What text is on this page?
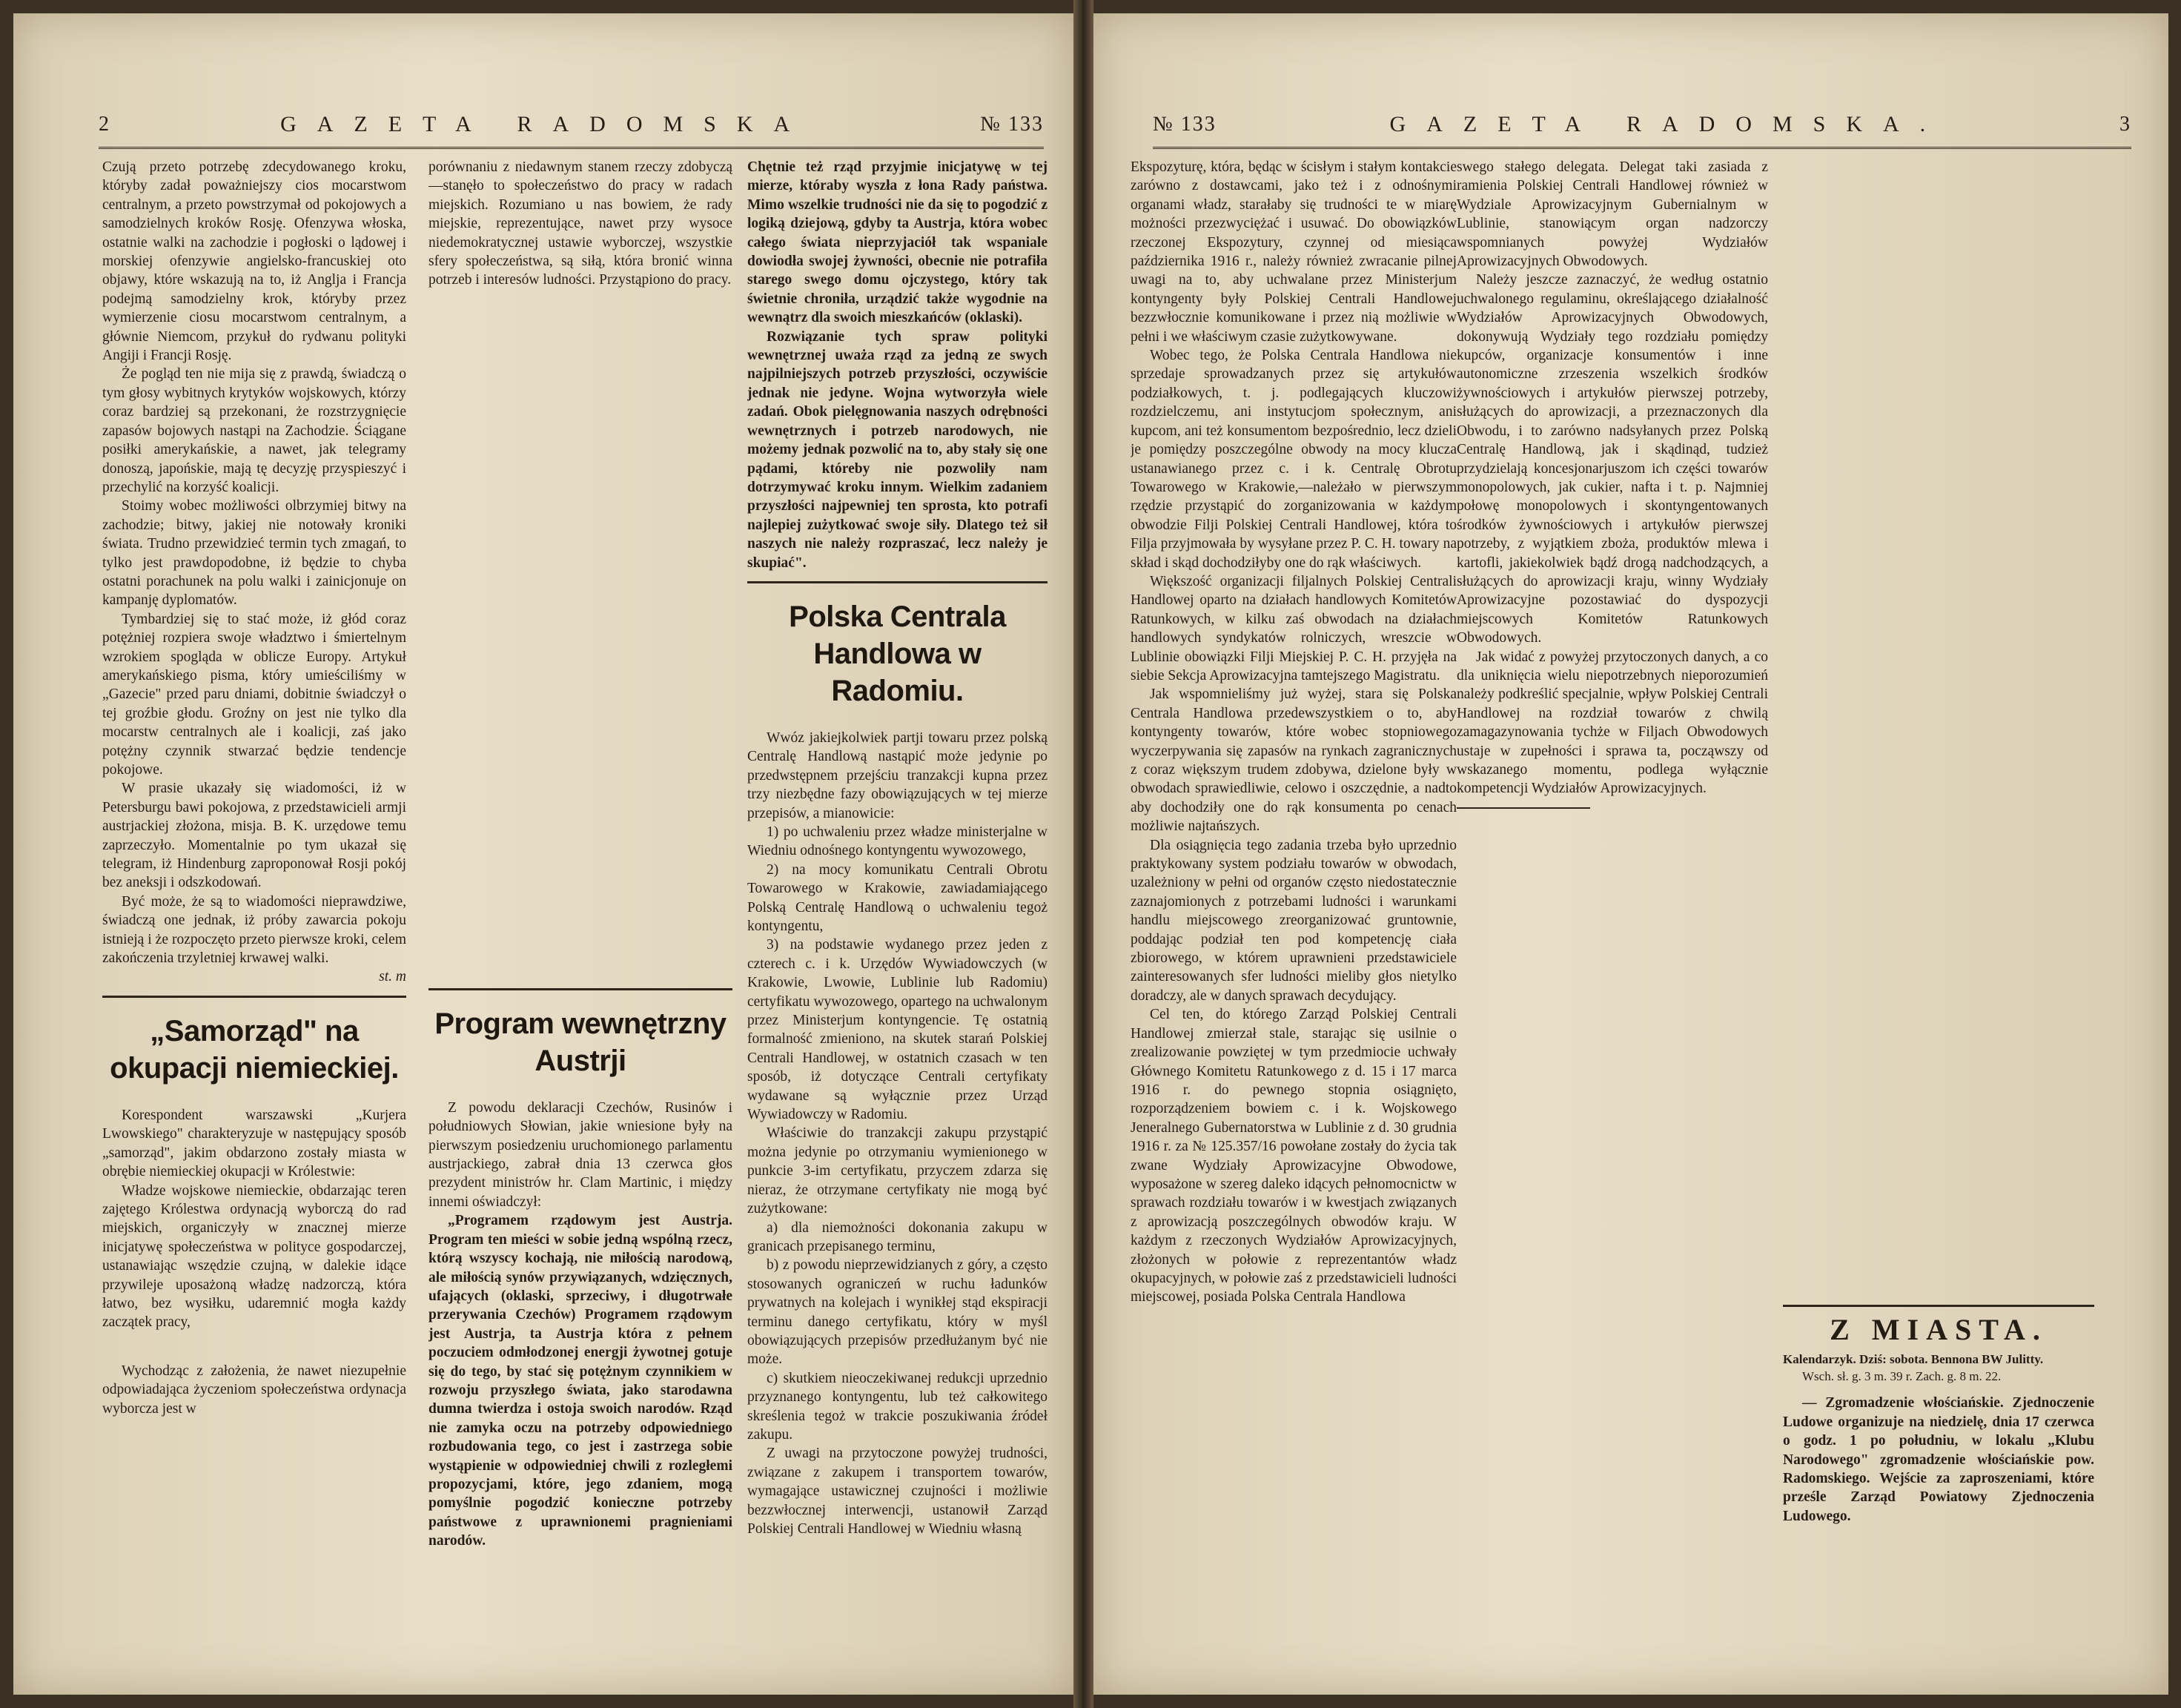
2	GAZETA RADOMSKA	№ 133

Czują przeto potrzebę zdecydowanego kroku, któryby zadał poważniejszy cios mocarstwom centralnym, a przeto powstrzymał od pokojowych a samodzielnych kroków Rosję. Ofenzywa włoska, ostatnie walki na zachodzie i pogłoski o lądowej i morskiej ofenzywie angielsko-francuskiej oto objawy, które wskazują na to, iż Anglja i Francja podejmą samodzielny krok, któryby przez wymierzenie ciosu mocarstwom centralnym, a głównie Niemcom, przykuł do rydwanu polityki Angiji i Francji Rosję.

Że pogląd ten nie mija się z prawdą, świadczą o tym głosy wybitnych krytyków wojskowych, którzy coraz bardziej są przekonani, że rozstrzygnięcie zapasów bojowych nastąpi na Zachodzie. Ściągane posiłki amerykańskie, a nawet, jak telegramy donoszą, japońskie, mają tę decyzję przyspieszyć i przechylić na korzyść koalicji.

Stoimy wobec możliwości olbrzymiej bitwy na zachodzie; bitwy, jakiej nie notowały kroniki świata. Trudno przewidzieć termin tych zmagań, to tylko jest prawdopodobne, iż będzie to chyba ostatni porachunek na polu walki i zainicjonuje on kampanję dyplomatów.

Tymbardziej się to stać może, iż głód coraz potężniej rozpiera swoje władztwo i śmiertelnym wzrokiem spogląda w oblicze Europy. Artykuł amerykańskiego pisma, który umieściliśmy w „Gazecie" przed paru dniami, dobitnie świadczył o tej groźbie głodu. Groźny on jest nie tylko dla mocarstw centralnych ale i koalicji, zaś jako potężny czynnik stwarzać będzie tendencje pokojowe.

W prasie ukazały się wiadomości, iż w Petersburgu bawi pokojowa, z przedstawicieli armji austrjackiej złożona, misja. B. K. urzędowe temu zaprzeczyło. Momentalnie po tym ukazał się telegram, iż Hindenburg zaproponował Rosji pokój bez aneksji i odszkodowań.

Być może, że są to wiadomości nieprawdziwe, świadczą one jednak, iż próby zawarcia pokoju istnieją i że rozpoczęto przeto pierwsze kroki, celem zakończenia trzyletniej krwawej walki.

st. m
„Samorząd" na okupacji niemieckiej.

Korespondent warszawski „Kurjera Lwowskiego" charakteryzuje w następujący sposób „samorząd", jakim obdarzono zostały miasta w obrębie niemieckiej okupacji w Królestwie:

Władze wojskowe niemieckie, obdarzając teren zajętego Królestwa ordynacją wyborczą do rad miejskich, organiczyły w znacznej mierze inicjatywę społeczeństwa w polityce gospodarczej, ustanawiając wszędzie czujną, w dalekie idące przywileje uposażoną władzę nadzorczą, która łatwo, bez wysiłku, udaremnić mogła każdy zaczątek pracy,

Wychodząc z założenia, że nawet niezupełnie odpowiadająca życzeniom społeczeństwa ordynacja wyborcza jest w

porównaniu z niedawnym stanem rzeczy zdobyczą—stanęło to społeczeństwo do pracy w radach miejskich. Rozumiano u nas bowiem, że rady miejskie, reprezentujące, nawet przy wysoce niedemokratycznej ustawie wyborczej, wszystkie sfery społeczeństwa, są siłą, która bronić winna potrzeb i interesów ludności. Przystąpiono do pracy.

Program wewnętrzny Austrji

Z powodu deklaracji Czechów, Rusinów i południowych Słowian, jakie wniesione były na pierwszym posiedzeniu uruchomionego parlamentu austrjackiego, zabrał dnia 13 czerwca głos prezydent ministrów hr. Clam Martinic, i między innemi oświadczył:

„Programem rządowym jest Austrja. Program ten mieści w sobie jedną wspólną rzecz, którą wszyscy kochają, nie miłością narodową, ale miłością synów przywiązanych, wdzięcznych, ufających (oklaski, sprzeciwy, i długotrwałe przerywania Czechów) Programem rządowym jest Austrja, ta Austrja która z pełnem poczuciem odmłodzonej energji żywotnej gotuje się do tego, by stać się potężnym czynnikiem w rozwoju przyszłego świata, jako starodawna dumna twierdza i ostoja swoich narodów. Rząd nie zamyka oczu na potrzeby odpowiedniego rozbudowania tego, co jest i zastrzega sobie wystąpienie w odpowiedniej chwili z rozległemi propozycjami, które, jego zdaniem, mogą pomyślnie pogodzić konieczne potrzeby państwowe z uprawnionemi pragnieniami narodów.

Chętnie też rząd przyjmie inicjatywę w tej mierze, któraby wyszła z łona Rady państwa. Mimo wszelkie trudności nie da się to pogodzić z logiką dziejową, gdyby ta Austrja, która wobec całego świata nieprzyjaciół tak wspaniale dowiodła swojej żywności, obecnie nie potrafiła starego swego domu ojczystego, który tak świetnie chroniła, urządzić także wygodnie na wewnątrz dla swoich mieszkańców (oklaski).

Rozwiązanie tych spraw polityki wewnętrznej uważa rząd za jedną ze swych najpilniejszych potrzeb przyszłości, oczywiście jednak nie jedyne. Wojna wytworzyła wiele zadań. Obok pielęgnowania naszych odrębności wewnętrznych i potrzeb narodowych, nie możemy jednak pozwolić na to, aby stały się one pądami, któreby nie pozwoliły nam dotrzymywać kroku innym. Wielkim zadaniem przyszłości najpewniej ten sprosta, kto potrafi najlepiej zużytkować swoje siły. Dlatego też sił naszych nie należy rozpraszać, lecz należy je skupiać".

Polska Centrala Handlowa w Radomiu.

Wwóz jakiejkolwiek partji towaru przez polską Centralę Handlową nastąpić może jedynie po przedwstępnem przejściu tranzakcji kupna przez trzy niezbędne fazy obowiązujących w tej mierze przepisów, a mianowicie:

1) po uchwaleniu przez władze ministerjalne w Wiedniu odnośnego kontyngentu wywozowego,

2) na mocy komunikatu Centrali Obrotu Towarowego w Krakowie, zawiadamiającego Polską Centralę Handlową o uchwaleniu tegoż kontyngentu,

3) na podstawie wydanego przez jeden z czterech c. i k. Urzędów Wywiadowczych (w Krakowie, Lwowie, Lublinie lub Radomiu) certyfikatu wywozowego, opartego na uchwalonym przez Ministerjum kontyngencie. Tę ostatnią formalność zmieniono, na skutek starań Polskiej Centrali Handlowej, w ostatnich czasach w ten sposób, iż dotyczące Centrali certyfikaty wydawane są wyłącznie przez Urząd Wywiadowczy w Radomiu.

Właściwie do tranzakcji zakupu przystąpić można jedynie po otrzymaniu wymienionego w punkcie 3-im certyfikatu, przyczem zdarza się nieraz, że otrzymane certyfikaty nie mogą być zużytkowane:

a) dla niemożności dokonania zakupu w granicach przepisanego terminu,

b) z powodu nieprzewidzianych z góry, a często stosowanych ograniczeń w ruchu ładunków prywatnych na kolejach i wynikłej stąd ekspiracji terminu danego certyfikatu, który w myśl obowiązujących przepisów przedłużanym być nie może.

c) skutkiem nieoczekiwanej redukcji uprzednio przyznanego kontyngentu, lub też całkowitego skreślenia tegoż w trakcie poszukiwania źródeł zakupu.

Z uwagi na przytoczone powyżej trudności, związane z zakupem i transportem towarów, wymagające ustawicznej czujności i możliwie bezzwłocznej interwencji, ustanowił Zarząd Polskiej Centrali Handlowej w Wiedniu własną

№ 133	GAZETA RADOMSKA.	3

Ekspozyturę, która, będąc w ścisłym i stałym kontakcie zarówno z dostawcami, jako też i z odnośnymi organami władz, starałaby się trudności te w miarę możności przezwyciężać i usuwać. Do obowiązków rzeczonej Ekspozytury, czynnej od miesiąca października 1916 r., należy również zwracanie pilnej uwagi na to, aby uchwalane przez Ministerjum kontyngenty były Polskiej Centrali Handlowej bezzwłocznie komunikowane i przez nią możliwie w pełni i we właściwym czasie zużytkowywane.

Wobec tego, że Polska Centrala Handlowa nie sprzedaje sprowadzanych przez się artykułów podziałkowych, t. j. podlegających kluczowi rozdzielczemu, ani instytucjom społecznym, ani kupcom, ani też konsumentom bezpośrednio, lecz dzieli je pomiędzy poszczególne obwody na mocy klucza ustanawianego przez c. i k. Centralę Obrotu Towarowego w Krakowie,—należało w pierwszym rzędzie przystąpić do zorganizowania w każdym obwodzie Filji Polskiej Centrali Handlowej, która to Filja przyjmowała by wysyłane przez P. C. H. towary na skład i skąd dochodziłyby one do rąk właściwych.

Większość organizacji filjalnych Polskiej Centrali Handlowej oparto na działach handlowych Komitetów Ratunkowych, w kilku zaś obwodach na działach handlowych syndykatów rolniczych, wreszcie w Lublinie obowiązki Filji Miejskiej P. C. H. przyjęła na siebie Sekcja Aprowizacyjna tamtejszego Magistratu.

Jak wspomnieliśmy już wyżej, stara się Polska Centrala Handlowa przedewszystkiem o to, aby kontyngenty towarów, które wobec stopniowego wyczerpywania się zapasów na rynkach zagranicznych z coraz większym trudem zdobywa, dzielone były w obwodach sprawiedliwie, celowo i oszczędnie, a nadto aby dochodziły one do rąk konsumenta po cenach możliwie najtańszych.

Dla osiągnięcia tego zadania trzeba było uprzednio praktykowany system podziału towarów w obwodach, uzależniony w pełni od organów często niedostatecznie zaznajomionych z potrzebami ludności i warunkami handlu miejscowego zreorganizować gruntownie, poddając podział ten pod kompetencję ciała zbiorowego, w którem uprawnieni przedstawiciele zainteresowanych sfer ludności mieliby głos nietylko doradczy, ale w danych sprawach decydujący.

Cel ten, do którego Zarząd Polskiej Centrali Handlowej zmierzał stale, starając się usilnie o zrealizowanie powziętej w tym przedmiocie uchwały Głównego Komitetu Ratunkowego z d. 15 i 17 marca 1916 r. do pewnego stopnia osiągnięto, rozporządzeniem bowiem c. i k. Wojskowego Jeneralnego Gubernatorstwa w Lublinie z d. 30 grudnia 1916 r. za № 125.357/16 powołane zostały do życia tak zwane Wydziały Aprowizacyjne Obwodowe, wyposażone w szereg daleko idących pełnomocnictw w sprawach rozdziału towarów i w kwestjach związanych z aprowizacją poszczególnych obwodów kraju. W każdym z rzeczonych Wydziałów Aprowizacyjnych, złożonych w połowie z reprezentantów władz okupacyjnych, w połowie zaś z przedstawicieli ludności miejscowej, posiada Polska Centrala Handlowa

swego stałego delegata. Delegat taki zasiada z ramienia Polskiej Centrali Handlowej również w Wydziale Aprowizacyjnym Gubernialnym w Lublinie, stanowiącym organ nadzorczy wspomnianych powyżej Wydziałów Aprowizacyjnych Obwodowych.

Należy jeszcze zaznaczyć, że według ostatnio uchwalonego regulaminu, określającego działalność Wydziałów Aprowizacyjnych Obwodowych, dokonywują Wydziały tego rozdziału pomiędzy kupców, organizacje konsumentów i inne autonomiczne zrzeszenia wszelkich środków żywnościowych i artykułów pierwszej potrzeby, służących do aprowizacji, a przeznaczonych dla Obwodu, i to zarówno nadsyłanych przez Polską Centralę Handlową, jak i skądinąd, tudzież przydzielają koncesjonarjuszom ich części towarów monopolowych, jak cukier, nafta i t. p. Najmniej połowę monopolowych i skontyngentowanych środków żywnościowych i artykułów pierwszej potrzeby, z wyjątkiem zboża, produktów mlewa i kartofli, jakiekolwiek bądź drogą nadchodzących, a służących do aprowizacji kraju, winny Wydziały Aprowizacyjne pozostawiać do dyspozycji miejscowych Komitetów Ratunkowych Obwodowych.

Jak widać z powyżej przytoczonych danych, a co dla uniknięcia wielu niepotrzebnych nieporozumień należy podkreślić specjalnie, wpływ Polskiej Centrali Handlowej na rozdział towarów z chwilą zamagazynowania tychże w Filjach Obwodowych ustaje w zupełności i sprawa ta, począwszy od wskazanego momentu, podlega wyłącznie kompetencji Wydziałów Aprowizacyjnych.

Z MIASTA.

Kalendarzyk. Dziś: sobota. Bennona BW Julitty.

Wsch. sł. g. 3 m. 39 r. Zach. g. 8 m. 22.

— Zgromadzenie włościańskie. Zjednoczenie Ludowe organizuje na niedzielę, dnia 17 czerwca o godz. 1 po południu, w lokalu „Klubu Narodowego" zgromadzenie włościańskie pow. Radomskiego. Wejście za zaproszeniami, które prześle Zarząd Powiatowy Zjednoczenia Ludowego.
